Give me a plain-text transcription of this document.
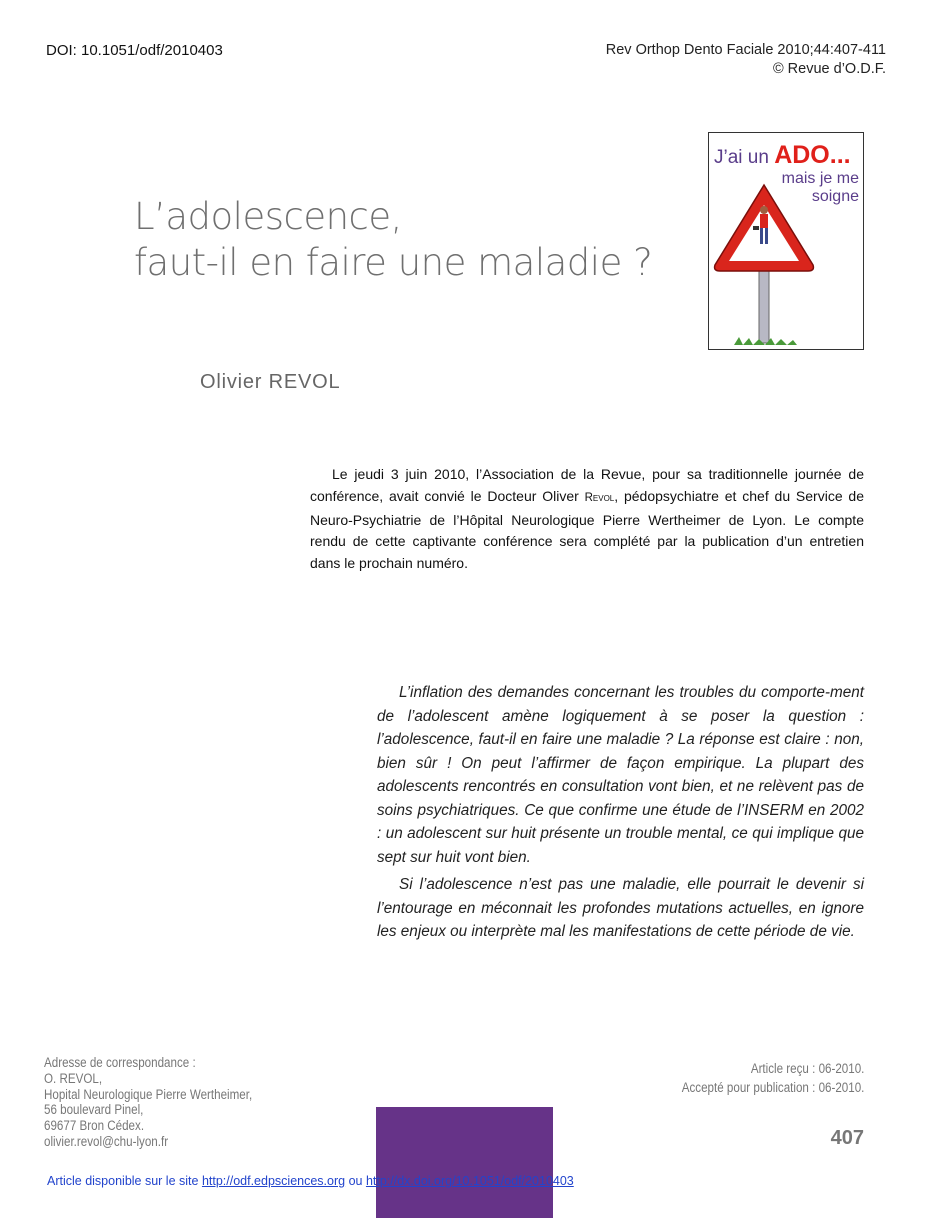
DOI: 10.1051/odf/2010403	Rev Orthop Dento Faciale 2010;44:407-411
© Revue d’O.D.F.
L’adolescence,
faut-il en faire une maladie ?
Olivier REVOL
J’ai un ADO...
mais je me
soigne

Le jeudi 3 juin 2010, l’Association de la Revue, pour sa traditionnelle journée de conférence, avait convié le Docteur Oliver Revol, pédopsychiatre et chef du Service de Neuro-Psychiatrie de l’Hôpital Neurologique Pierre Wertheimer de Lyon. Le compte rendu de cette captivante conférence sera complété par la publication d’un entretien dans le prochain numéro.

L’inflation des demandes concernant les troubles du comporte-ment de l’adolescent amène logiquement à se poser la question : l’adolescence, faut-il en faire une maladie ? La réponse est claire : non, bien sûr ! On peut l’affirmer de façon empirique. La plupart des adolescents rencontrés en consultation vont bien, et ne relèvent pas de soins psychiatriques. Ce que confirme une étude de l’INSERM en 2002 : un adolescent sur huit présente un trouble mental, ce qui implique que sept sur huit vont bien.

Si l’adolescence n’est pas une maladie, elle pourrait le devenir si l’entourage en méconnait les profondes mutations actuelles, en ignore les enjeux ou interprète mal les manifestations de cette période de vie.

Adresse de correspondance :
O. REVOL,
Hopital Neurologique Pierre Wertheimer,
56 boulevard Pinel,
69677 Bron Cédex.
olivier.revol@chu-lyon.fr
Article reçu : 06-2010.
Accepté pour publication : 06-2010.
407
Article disponible sur le site http://odf.edpsciences.org ou http://dx.doi.org/10.1051/odf/2010403
